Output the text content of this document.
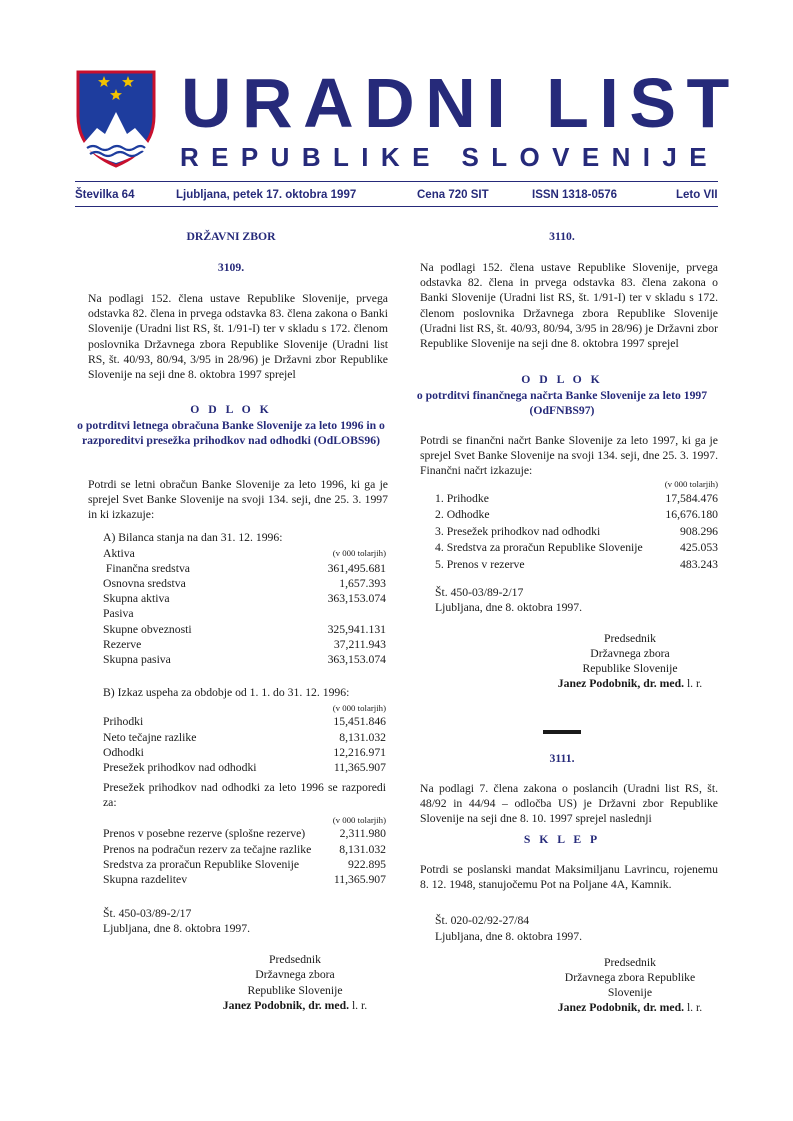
URADNI LIST
REPUBLIKE SLOVENIJE
Številka 64	Ljubljana, petek 17. oktobra 1997	Cena 720 SIT	ISSN 1318-0576	Leto VII
DRŽAVNI ZBOR
3109.
Na podlagi 152. člena ustave Republike Slovenije, prvega odstavka 82. člena in prvega odstavka 83. člena zakona o Banki Slovenije (Uradni list RS, št. 1/91-I) ter v skladu s 172. členom poslovnika Državnega zbora Republike Slovenije (Uradni list RS, št. 40/93, 80/94, 3/95 in 28/96) je Državni zbor Republike Slovenije na seji dne 8. oktobra 1997 sprejel
O D L O K
o potrditvi letnega obračuna Banke Slovenije za leto 1996 in o razporeditvi presežka prihodkov nad odhodki (OdLOBS96)
Potrdi se letni obračun Banke Slovenije za leto 1996, ki ga je sprejel Svet Banke Slovenije na svoji 134. seji, dne 25. 3. 1997 in ki izkazuje:
A) Bilanca stanja na dan 31. 12. 1996:
Aktiva	(v 000 tolarjih)
Finančna sredstva	361,495.681
Osnovna sredstva	1,657.393
Skupna aktiva	363,153.074
Pasiva
Skupne obveznosti	325,941.131
Rezerve	37,211.943
Skupna pasiva	363,153.074
B) Izkaz uspeha za obdobje od 1. 1. do 31. 12. 1996:
(v 000 tolarjih)
Prihodki	15,451.846
Neto tečajne razlike	8,131.032
Odhodki	12,216.971
Presežek prihodkov nad odhodki	11,365.907
Presežek prihodkov nad odhodki za leto 1996 se razporedi za:
(v 000 tolarjih)
Prenos v posebne rezerve (splošne rezerve)	2,311.980
Prenos na podračun rezerv za tečajne razlike 8,131.032
Sredstva za proračun Republike Slovenije	922.895
Skupna razdelitev	11,365.907
Št. 450-03/89-2/17
Ljubljana, dne 8. oktobra 1997.
Predsednik
Državnega zbora
Republike Slovenije
Janez Podobnik, dr. med. l. r.
3110.
Na podlagi 152. člena ustave Republike Slovenije, prvega odstavka 82. člena in prvega odstavka 83. člena zakona o Banki Slovenije (Uradni list RS, št. 1/91-I) ter v skladu s 172. členom poslovnika Državnega zbora Republike Slovenije (Uradni list RS, št. 40/93, 80/94, 3/95 in 28/96) je Državni zbor Republike Slovenije na seji dne 8. oktobra 1997 sprejel
O D L O K
o potrditvi finančnega načrta Banke Slovenije za leto 1997 (OdFNBS97)
Potrdi se finančni načrt Banke Slovenije za leto 1997, ki ga je sprejel Svet Banke Slovenije na svoji 134. seji, dne 25. 3. 1997. Finančni načrt izkazuje:
(v 000 tolarjih)
1. Prihodke	17,584.476
2. Odhodke	16,676.180
3. Presežek prihodkov nad odhodki	908.296
4. Sredstva za proračun Republike Slovenije	425.053
5. Prenos v rezerve	483.243
Št. 450-03/89-2/17
Ljubljana, dne 8. oktobra 1997.
Predsednik
Državnega zbora
Republike Slovenije
Janez Podobnik, dr. med. l. r.
3111.
Na podlagi 7. člena zakona o poslancih (Uradni list RS, št. 48/92 in 44/94 – odločba US) je Državni zbor Republike Slovenije na seji dne 8. 10. 1997 sprejel naslednji
S K L E P
Potrdi se poslanski mandat Maksimiljanu Lavrincu, rojenemu 8. 12. 1948, stanujočemu Pot na Poljane 4A, Kamnik.
Št. 020-02/92-27/84
Ljubljana, dne 8. oktobra 1997.
Predsednik
Državnega zbora Republike
Slovenije
Janez Podobnik, dr. med. l. r.
